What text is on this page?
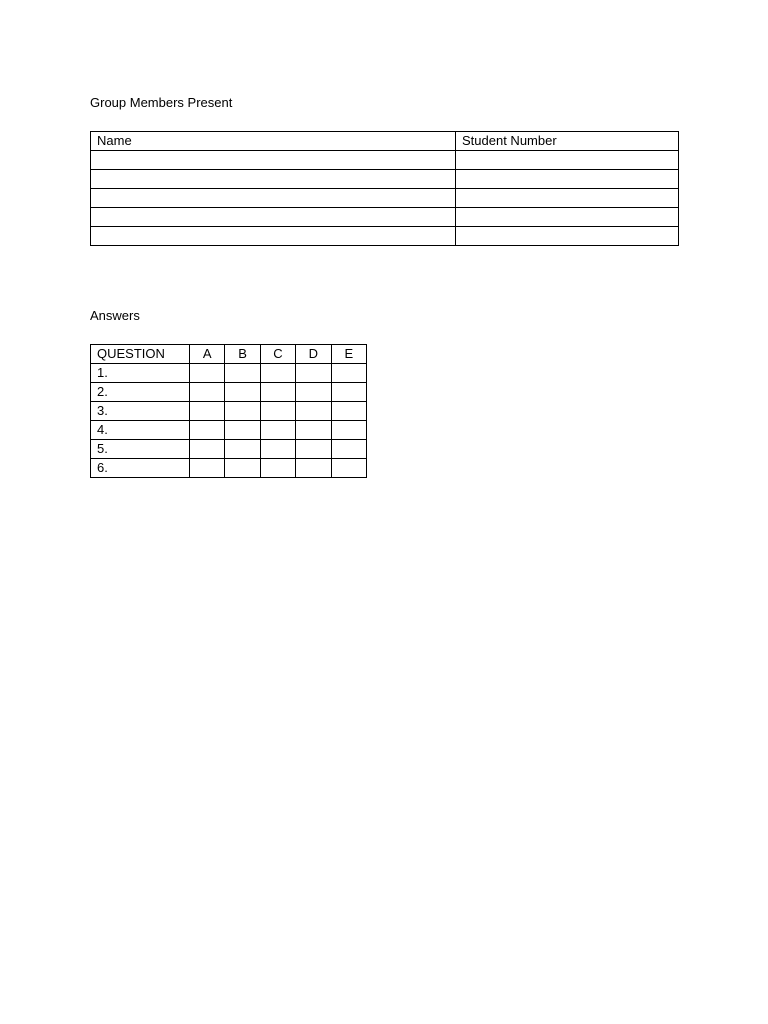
Group Members Present

Name	Student Number

Answers

QUESTION	A	B	C	D	E
1.					
2.					
3.					
4.					
5.					
6.					
